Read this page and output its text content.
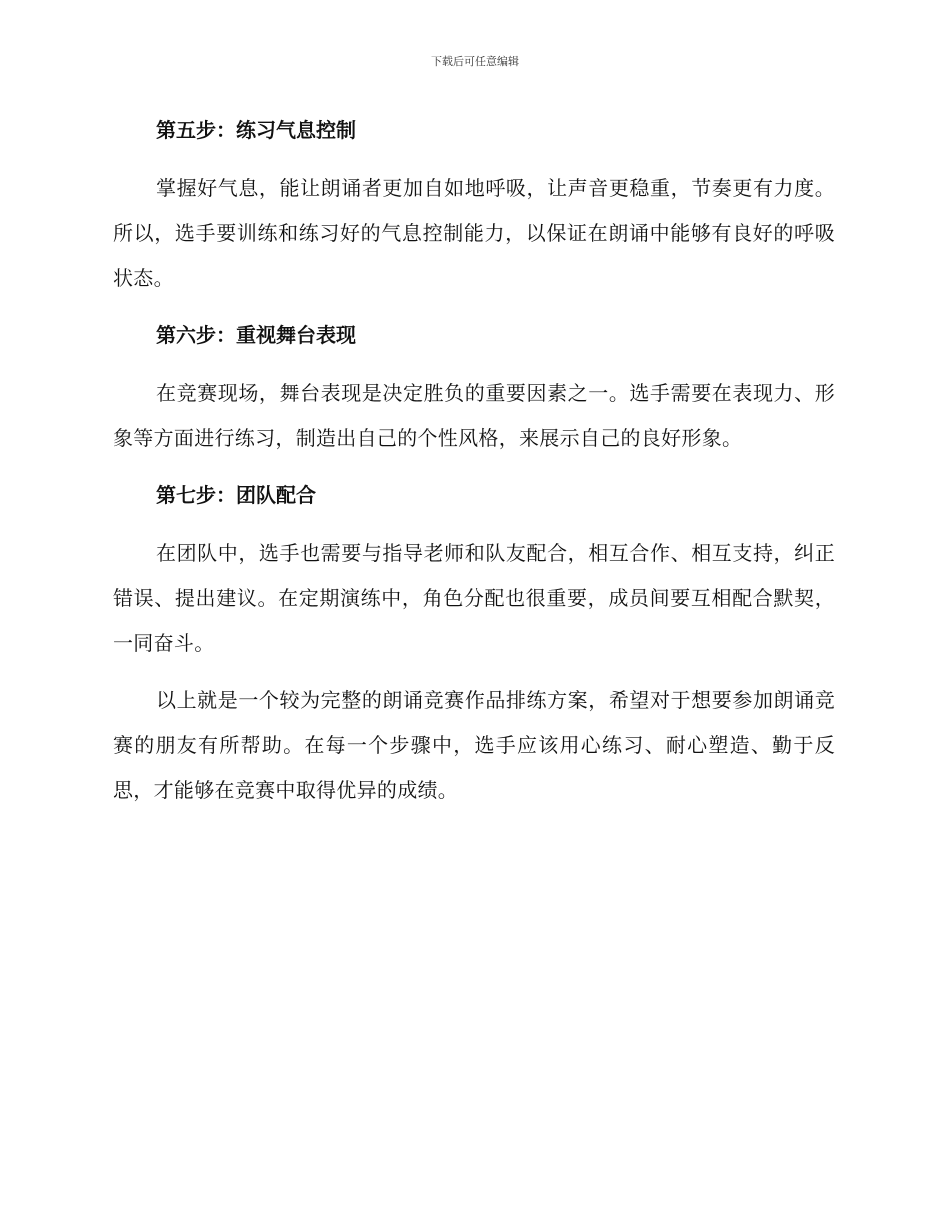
下载后可任意编辑
第五步：练习气息控制

掌握好气息，能让朗诵者更加自如地呼吸，让声音更稳重，节奏更有力度。所以，选手要训练和练习好的气息控制能力，以保证在朗诵中能够有良好的呼吸状态。

第六步：重视舞台表现

在竞赛现场，舞台表现是决定胜负的重要因素之一。选手需要在表现力、形象等方面进行练习，制造出自己的个性风格，来展示自己的良好形象。

第七步：团队配合

在团队中，选手也需要与指导老师和队友配合，相互合作、相互支持，纠正错误、提出建议。在定期演练中，角色分配也很重要，成员间要互相配合默契，一同奋斗。

以上就是一个较为完整的朗诵竞赛作品排练方案，希望对于想要参加朗诵竞赛的朋友有所帮助。在每一个步骤中，选手应该用心练习、耐心塑造、勤于反思，才能够在竞赛中取得优异的成绩。
